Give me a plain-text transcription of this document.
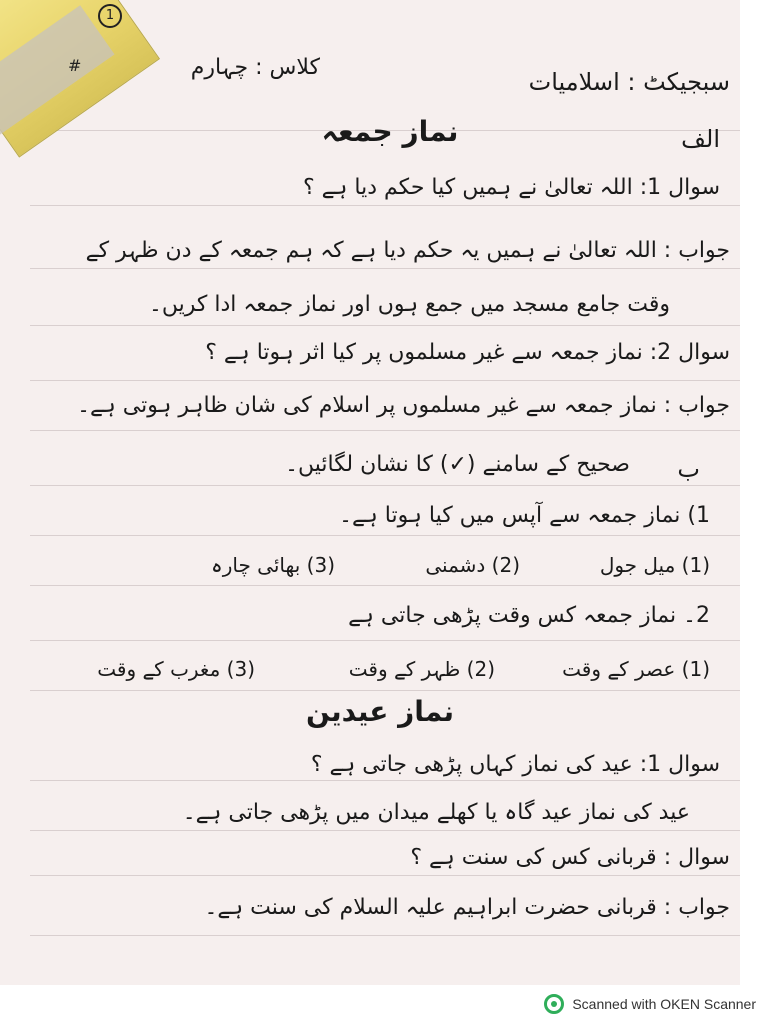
1
#	کلاس : چہارم
سبجیکٹ : اسلامیات
الف
نماز جمعہ
سوال 1: اللہ تعالیٰ نے ہمیں کیا حکم دیا ہے ؟
جواب : اللہ تعالیٰ نے ہمیں یہ حکم دیا ہے کہ ہم جمعہ کے دن ظہر کے
وقت جامع مسجد میں جمع ہوں اور نماز جمعہ ادا کریں۔
سوال 2: نماز جمعہ سے غیر مسلموں پر کیا اثر ہوتا ہے ؟
جواب : نماز جمعہ سے غیر مسلموں پر اسلام کی شان ظاہر ہوتی ہے۔
ب
صحیح کے سامنے (✓) کا نشان لگائیں۔
1) نماز جمعہ سے آپس میں کیا ہوتا ہے۔
(1) میل جول
(2) دشمنی
(3) بھائی چارہ
2۔ نماز جمعہ کس وقت پڑھی جاتی ہے
(1) عصر کے وقت
(2) ظہر کے وقت
(3) مغرب کے وقت
نماز عیدین
سوال 1: عید کی نماز کہاں پڑھی جاتی ہے ؟
عید کی نماز عید گاہ یا کھلے میدان میں پڑھی جاتی ہے۔
سوال : قربانی کس کی سنت ہے ؟
جواب : قربانی حضرت ابراہیم علیہ السلام کی سنت ہے۔
Scanned with OKEN Scanner
